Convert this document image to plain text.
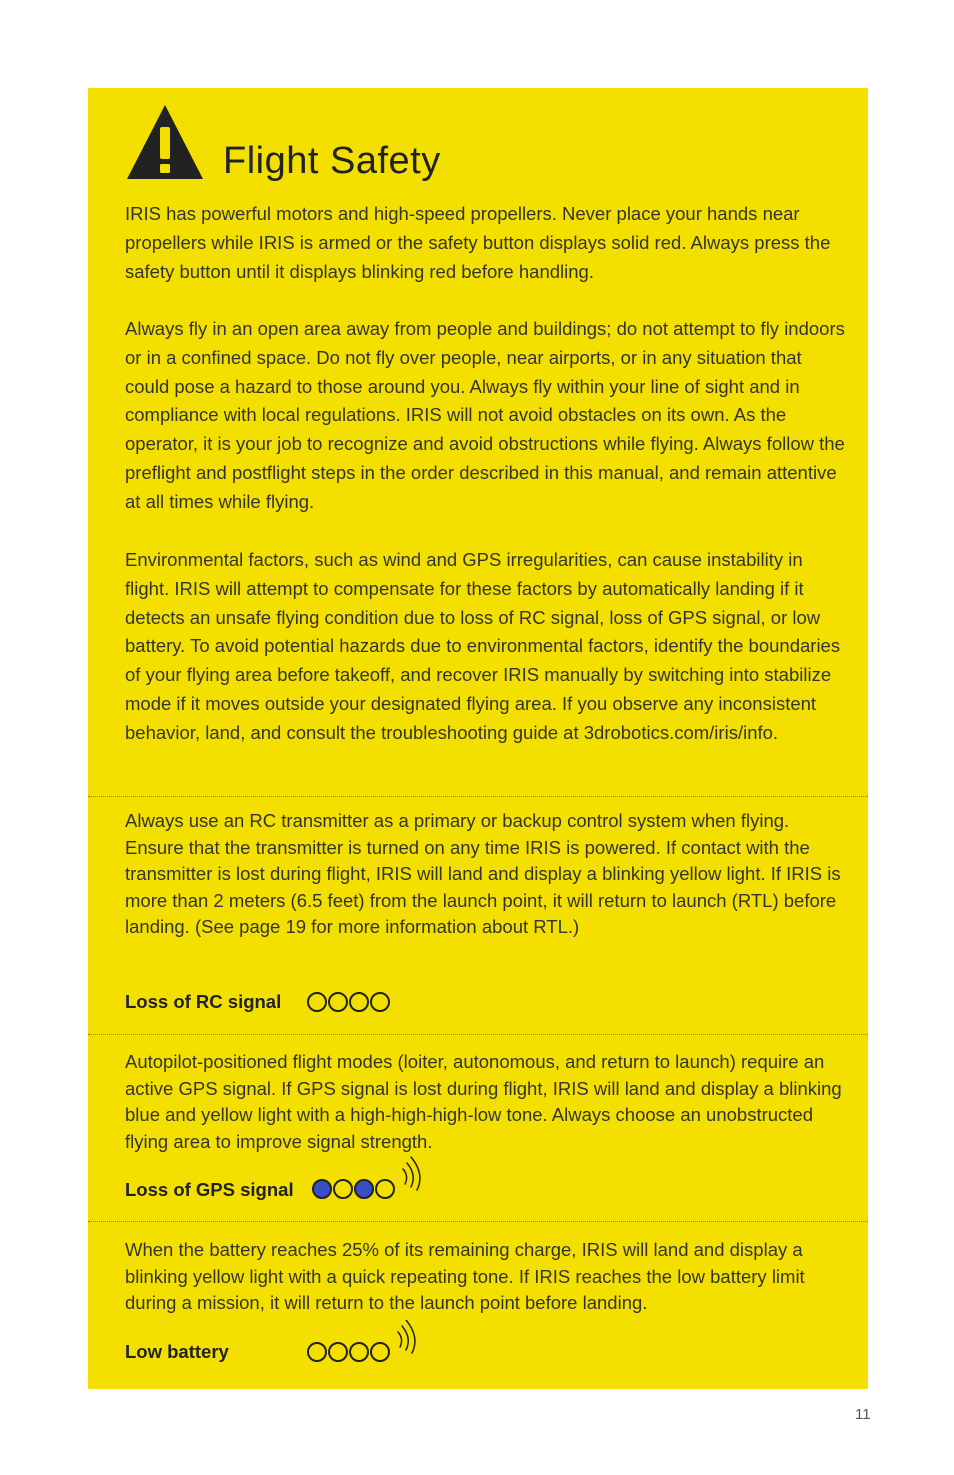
Flight Safety

IRIS has powerful motors and high-speed propellers. Never place your hands near propellers while IRIS is armed or the safety button displays solid red. Always press the safety button until it displays blinking red before handling.

Always fly in an open area away from people and buildings; do not attempt to fly indoors or in a confined space. Do not fly over people, near airports, or in any situation that could pose a hazard to those around you. Always fly within your line of sight and in compliance with local regulations. IRIS will not avoid obstacles on its own. As the operator, it is your job to recognize and avoid obstructions while flying. Always follow the preflight and postflight steps in the order described in this manual, and remain attentive at all times while flying.

Environmental factors, such as wind and GPS irregularities, can cause instability in flight. IRIS will attempt to compensate for these factors by automatically landing if it detects an unsafe flying condition due to loss of RC signal, loss of GPS signal, or low battery. To avoid potential hazards due to environmental factors, identify the boundaries of your flying area before takeoff, and recover IRIS manually by switching into stabilize mode if it moves outside your designated flying area. If you observe any inconsistent behavior, land, and consult the troubleshooting guide at 3drobotics.com/iris/info.

Always use an RC transmitter as a primary or backup control system when flying. Ensure that the transmitter is turned on any time IRIS is powered. If contact with the transmitter is lost during flight, IRIS will land and display a blinking yellow light. If IRIS is more than 2 meters (6.5 feet) from the launch point, it will return to launch (RTL) before landing. (See page 19 for more information about RTL.)

Loss of RC signal

Autopilot-positioned flight modes (loiter, autonomous, and return to launch) require an active GPS signal. If GPS signal is lost during flight, IRIS will land and display a blinking blue and yellow light with a high-high-high-low tone. Always choose an unobstructed flying area to improve signal strength.

Loss of GPS signal

When the battery reaches 25% of its remaining charge, IRIS will land and display a blinking yellow light with a quick repeating tone. If IRIS reaches the low battery limit during a mission, it will return to the launch point before landing.

Low battery
11
